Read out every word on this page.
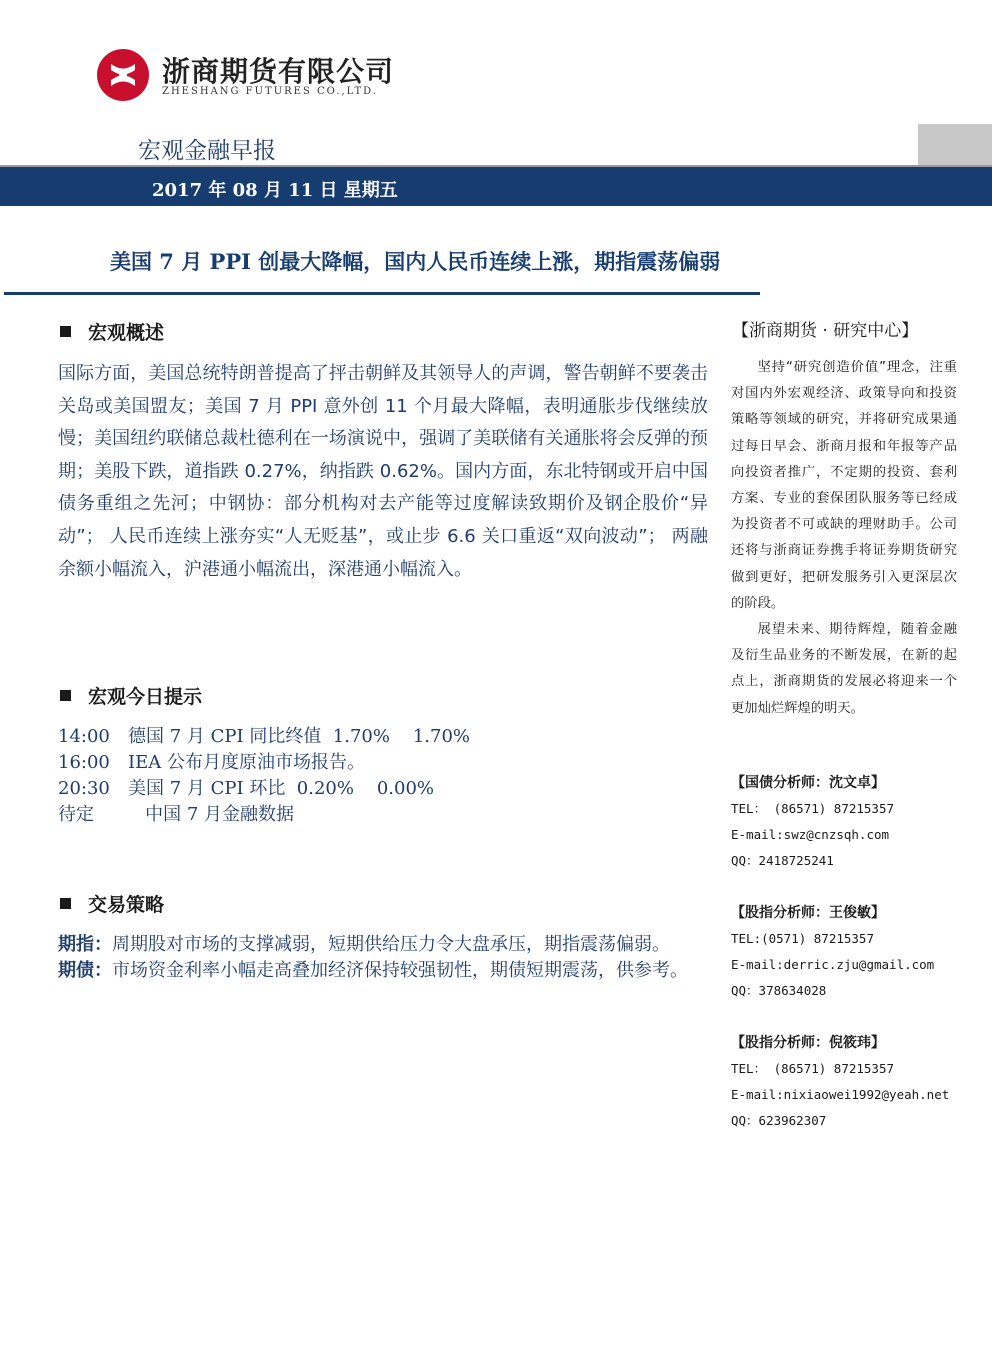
浙商期货有限公司
ZHESHANG FUTURES CO.,LTD.
宏观金融早报
2017 年 08 月 11 日 星期五
美国 7 月 PPI 创最大降幅，国内人民币连续上涨，期指震荡偏弱
宏观概述
国际方面，美国总统特朗普提高了抨击朝鲜及其领导人的声调，警告朝鲜不要袭击关岛或美国盟友；美国 7 月 PPI 意外创 11 个月最大降幅，表明通胀步伐继续放慢；美国纽约联储总裁杜德利在一场演说中，强调了美联储有关通胀将会反弹的预期；美股下跌，道指跌 0.27%，纳指跌 0.62%。国内方面，东北特钢或开启中国债务重组之先河；中钢协：部分机构对去产能等过度解读致期价及钢企股价“异动”； 人民币连续上涨夯实“人无贬基”，或止步 6.6 关口重返“双向波动”； 两融余额小幅流入，沪港通小幅流出，深港通小幅流入。
宏观今日提示
14:00 德国 7 月 CPI 同比终值  1.70%    1.70%
16:00 IEA 公布月度原油市场报告。
20:30 美国 7 月 CPI 环比  0.20%    0.00%
待定   中国 7 月金融数据
交易策略

期指：周期股对市场的支撑减弱，短期供给压力令大盘承压，期指震荡偏弱。

期债：市场资金利率小幅走高叠加经济保持较强韧性，期债短期震荡，供参考。

【浙商期货 · 研究中心】

坚持“研究创造价值”理念，注重对国内外宏观经济、政策导向和投资策略等领域的研究，并将研究成果通过每日早会、浙商月报和年报等产品向投资者推广，不定期的投资、套利方案、专业的套保团队服务等已经成为投资者不可或缺的理财助手。公司还将与浙商证券携手将证券期货研究做到更好，把研发服务引入更深层次的阶段。

展望未来、期待辉煌，随着金融及衍生品业务的不断发展，在新的起点上，浙商期货的发展必将迎来一个更加灿烂辉煌的明天。

【国债分析师：沈文卓】
TEL： (86571) 87215357
E-mail:swz@cnzsqh.com
QQ：2418725241
【股指分析师：王俊敏】
TEL:(0571) 87215357
E-mail:derric.zju@gmail.com
QQ：378634028
【股指分析师：倪筱玮】
TEL： (86571) 87215357
E-mail:nixiaowei1992@yeah.net
QQ：623962307
